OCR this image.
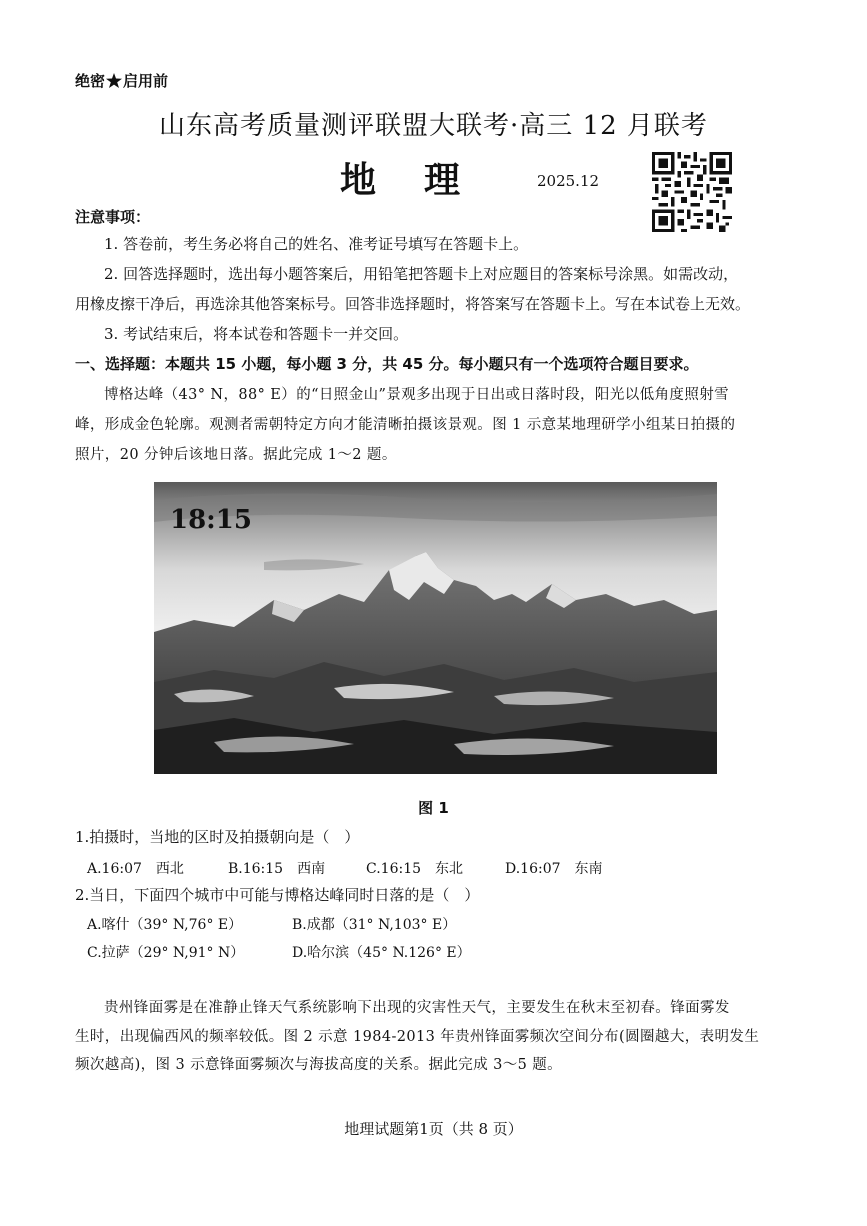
绝密 启用前
山东高考质量测评联盟大联考·高三 12 月联考
地理 2025.12
注意事项：
1. 答卷前，考生务必将自己的姓名、准考证号填写在答题卡上。
2. 回答选择题时，选出每小题答案后，用铅笔把答题卡上对应题目的答案标号涂黑。如需改动，
用橡皮擦干净后，再选涂其他答案标号。回答非选择题时，将答案写在答题卡上。写在本试卷上无效。
3. 考试结束后，将本试卷和答题卡一并交回。
一、选择题：本题共 15 小题，每小题 3 分，共 45 分。每小题只有一个选项符合题目要求。
博格达峰（43° N，88° E）的“日照金山”景观多出现于日出或日落时段，阳光以低角度照射雪
峰，形成金色轮廓。观测者需朝特定方向才能清晰拍摄该景观。图 1 示意某地理研学小组某日拍摄的
照片，20 分钟后该地日落。据此完成 1～2 题。
18:15
图 1
1.拍摄时，当地的区时及拍摄朝向是（　）
A.16:07　西北	B.16:15　西南	C.16:15　东北	D.16:07　东南
2.当日，下面四个城市中可能与博格达峰同时日落的是（　）
A.喀什（39° N,76° E）	B.成都（31° N,103° E）
C.拉萨（29° N,91° N）	D.哈尔滨（45° N.126° E）
贵州锋面雾是在准静止锋天气系统影响下出现的灾害性天气，主要发生在秋末至初春。锋面雾发
生时，出现偏西风的频率较低。图 2 示意 1984-2013 年贵州锋面雾频次空间分布(圆圈越大，表明发生
频次越高)，图 3 示意锋面雾频次与海拔高度的关系。据此完成 3～5 题。
地理试题第1页（共 8 页）
